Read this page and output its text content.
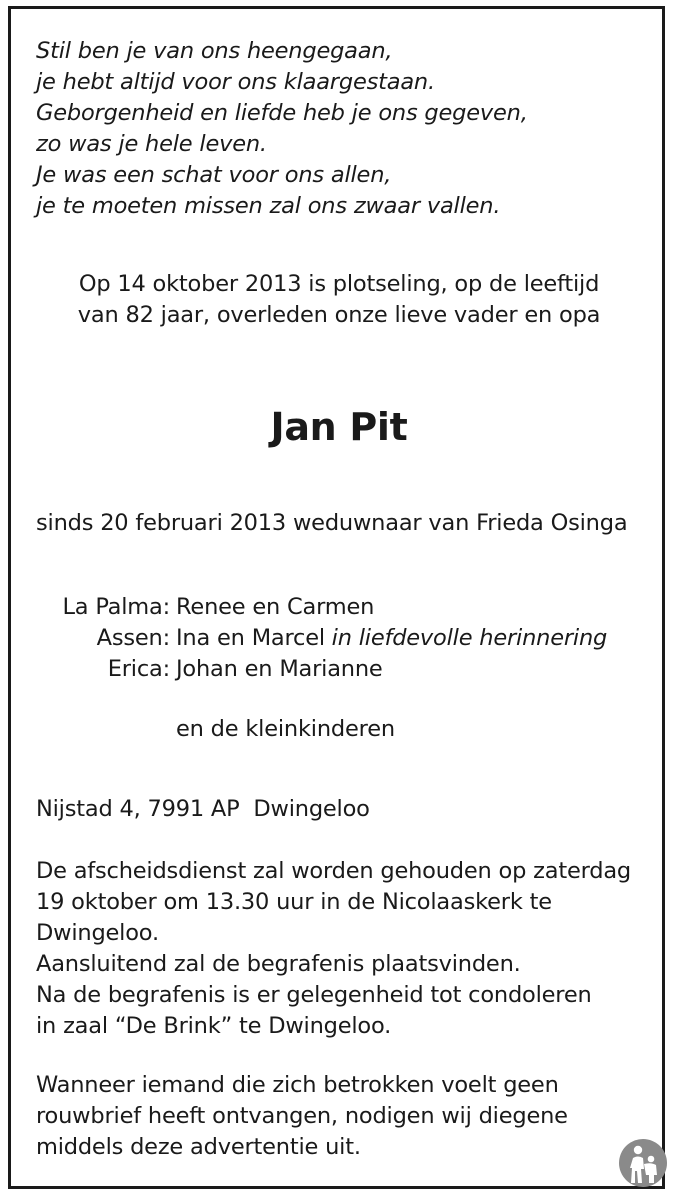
Stil ben je van ons heengegaan,
je hebt altijd voor ons klaargestaan.
Geborgenheid en liefde heb je ons gegeven,
zo was je hele leven.
Je was een schat voor ons allen,
je te moeten missen zal ons zwaar vallen.
Op 14 oktober 2013 is plotseling, op de leeftijd
van 82 jaar, overleden onze lieve vader en opa
Jan Pit
sinds 20 februari 2013 weduwnaar van Frieda Osinga
La Palma: Renee en Carmen
Assen: Ina en Marcel in liefdevolle herinnering
Erica: Johan en Marianne
en de kleinkinderen
Nijstad 4, 7991 AP  Dwingeloo
De afscheidsdienst zal worden gehouden op zaterdag
19 oktober om 13.30 uur in de Nicolaaskerk te
Dwingeloo.
Aansluitend zal de begrafenis plaatsvinden.
Na de begrafenis is er gelegenheid tot condoleren
in zaal “De Brink” te Dwingeloo.
Wanneer iemand die zich betrokken voelt geen
rouwbrief heeft ontvangen, nodigen wij diegene
middels deze advertentie uit.
